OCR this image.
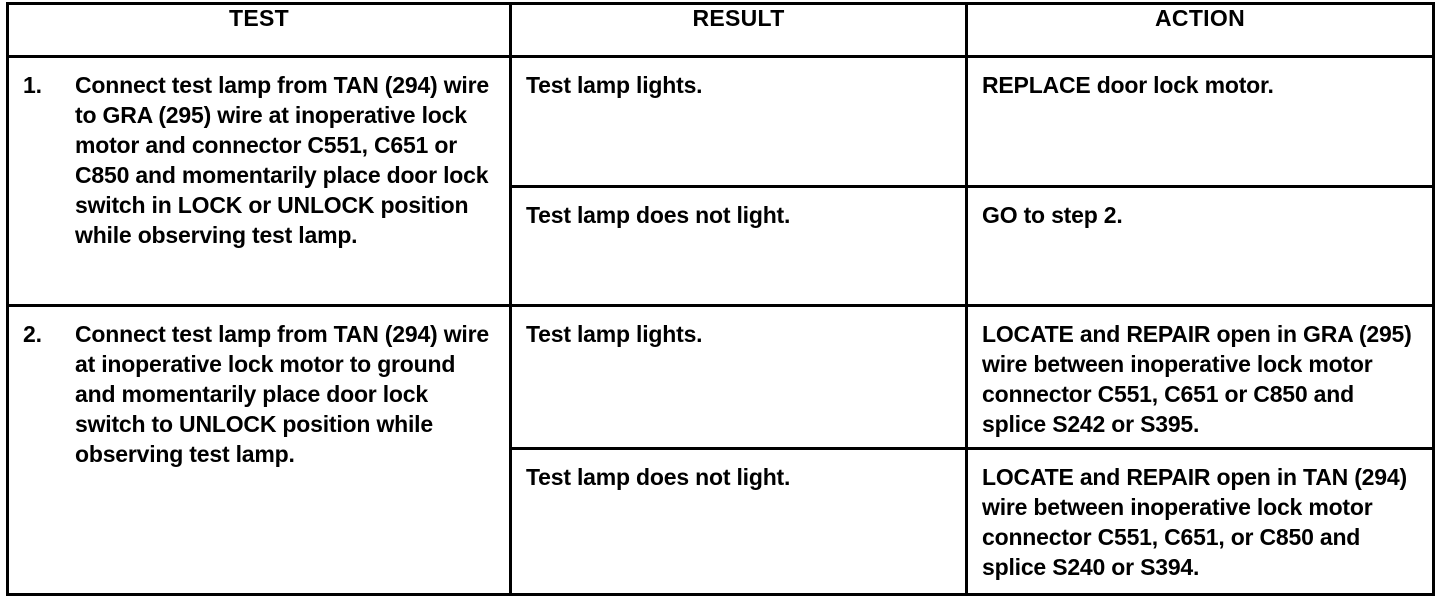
TEST	RESULT	ACTION

1. Connect test lamp from TAN (294) wire to GRA (295) wire at inoperative lock motor and connector C551, C651 or C850 and momentarily place door lock switch in LOCK or UNLOCK position while observing test lamp.	Test lamp lights.	REPLACE door lock motor.

	Test lamp does not light.	GO to step 2.

2. Connect test lamp from TAN (294) wire at inoperative lock motor to ground and momentarily place door lock switch to UNLOCK position while observing test lamp.	Test lamp lights.	LOCATE and REPAIR open in GRA (295) wire between inoperative lock motor connector C551, C651 or C850 and splice S242 or S395.

	Test lamp does not light.	LOCATE and REPAIR open in TAN (294) wire between inoperative lock motor connector C551, C651, or C850 and splice S240 or S394.
